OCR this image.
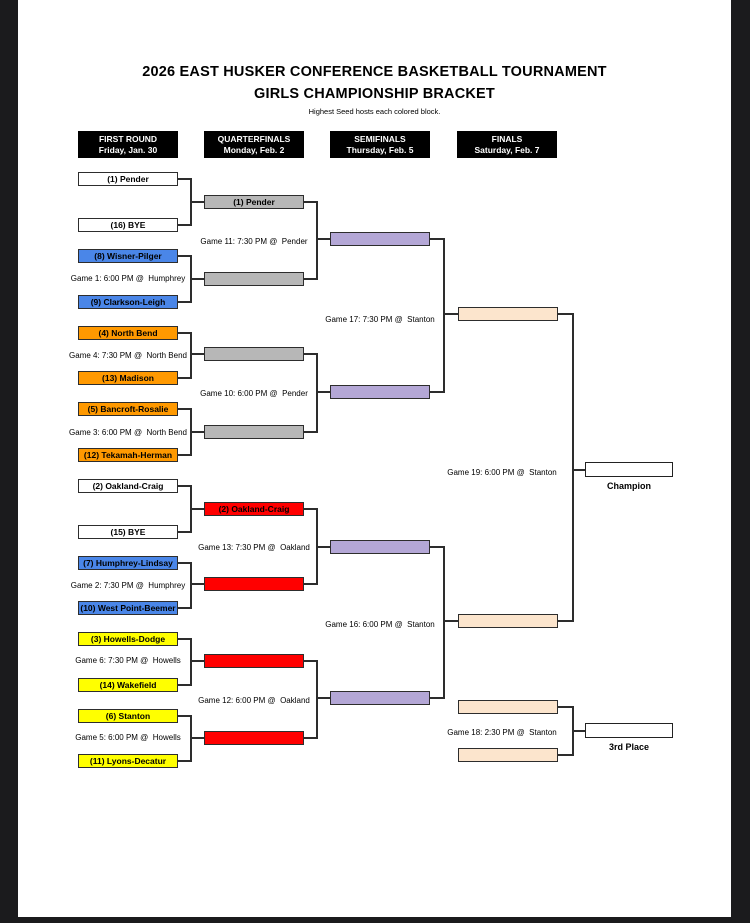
2026 EAST HUSKER CONFERENCE BASKETBALL TOURNAMENT
GIRLS CHAMPIONSHIP BRACKET
Highest Seed hosts each colored block.
FIRST ROUND
Friday, Jan. 30
QUARTERFINALS
Monday, Feb. 2
SEMIFINALS
Thursday, Feb. 5
FINALS
Saturday, Feb. 7
(1) Pender
(16) BYE
(8) Wisner-Pilger
(9) Clarkson-Leigh
(4) North Bend
(13) Madison
(5) Bancroft-Rosalie
(12) Tekamah-Herman
(2) Oakland-Craig
(15) BYE
(7) Humphrey-Lindsay
(10) West Point-Beemer
(3) Howells-Dodge
(14) Wakefield
(6) Stanton
(11) Lyons-Decatur
(1) Pender
(2) Oakland-Craig
Game 1: 6:00 PM @  Humphrey
Game 4: 7:30 PM @  North Bend
Game 3: 6:00 PM @  North Bend
Game 2: 7:30 PM @  Humphrey
Game 6: 7:30 PM @  Howells
Game 5: 6:00 PM @  Howells
Game 11: 7:30 PM @  Pender
Game 10: 6:00 PM @  Pender
Game 13: 7:30 PM @  Oakland
Game 12: 6:00 PM @  Oakland
Game 17: 7:30 PM @  Stanton
Game 16: 6:00 PM @  Stanton
Game 19: 6:00 PM @  Stanton
Game 18: 2:30 PM @  Stanton
Champion
3rd Place
